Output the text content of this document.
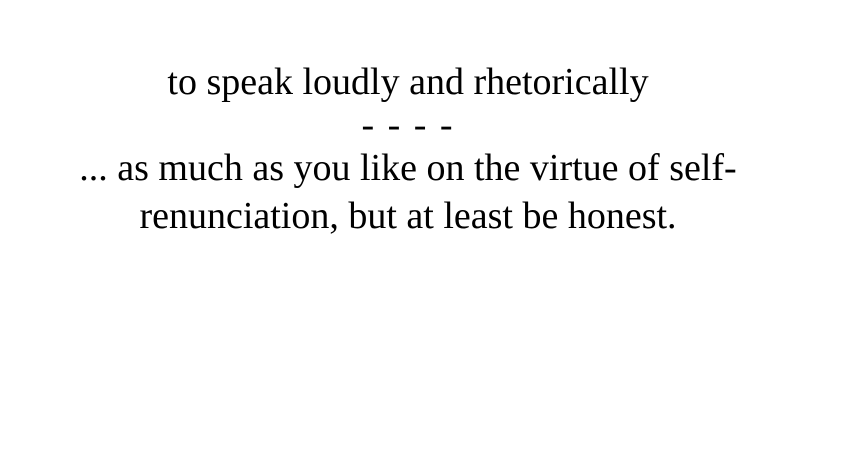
to speak loudly and rhetorically

- - - -

... as much as you like on the virtue of self-
renunciation, but at least be honest.
